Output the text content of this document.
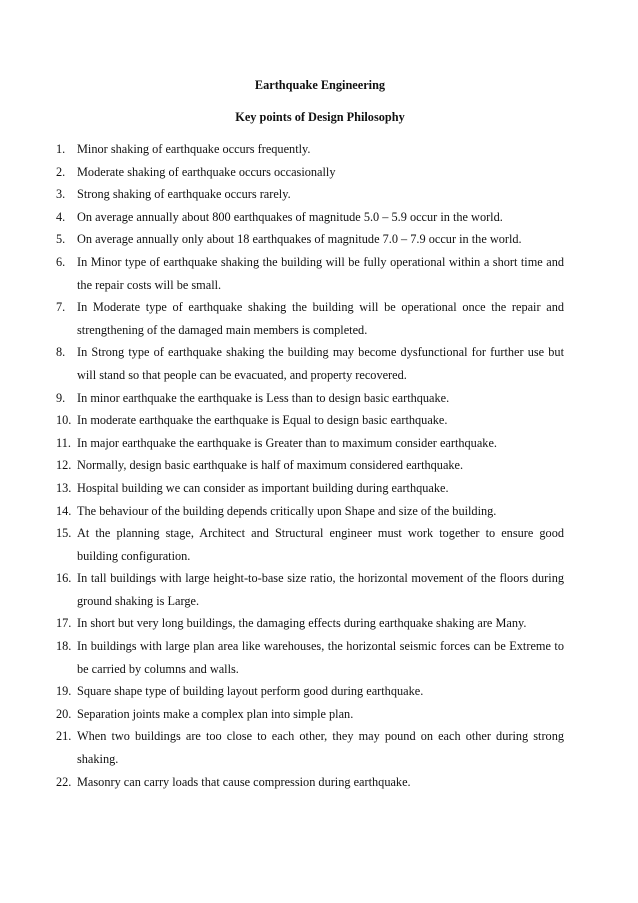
Earthquake Engineering
Key points of Design Philosophy
1. Minor shaking of earthquake occurs frequently.
2. Moderate shaking of earthquake occurs occasionally
3. Strong shaking of earthquake occurs rarely.
4. On average annually about 800 earthquakes of magnitude 5.0 – 5.9 occur in the world.
5. On average annually only about 18 earthquakes of magnitude 7.0 – 7.9 occur in the world.
6. In Minor type of earthquake shaking the building will be fully operational within a short time and the repair costs will be small.
7. In Moderate type of earthquake shaking the building will be operational once the repair and strengthening of the damaged main members is completed.
8. In Strong type of earthquake shaking the building may become dysfunctional for further use but will stand so that people can be evacuated, and property recovered.
9. In minor earthquake the earthquake is Less than to design basic earthquake.
10. In moderate earthquake the earthquake is Equal to design basic earthquake.
11. In major earthquake the earthquake is Greater than to maximum consider earthquake.
12. Normally, design basic earthquake is half of maximum considered earthquake.
13. Hospital building we can consider as important building during earthquake.
14. The behaviour of the building depends critically upon Shape and size of the building.
15. At the planning stage, Architect and Structural engineer must work together to ensure good building configuration.
16. In tall buildings with large height-to-base size ratio, the horizontal movement of the floors during ground shaking is Large.
17. In short but very long buildings, the damaging effects during earthquake shaking are Many.
18. In buildings with large plan area like warehouses, the horizontal seismic forces can be Extreme to be carried by columns and walls.
19. Square shape type of building layout perform good during earthquake.
20. Separation joints make a complex plan into simple plan.
21. When two buildings are too close to each other, they may pound on each other during strong shaking.
22. Masonry can carry loads that cause compression during earthquake.
